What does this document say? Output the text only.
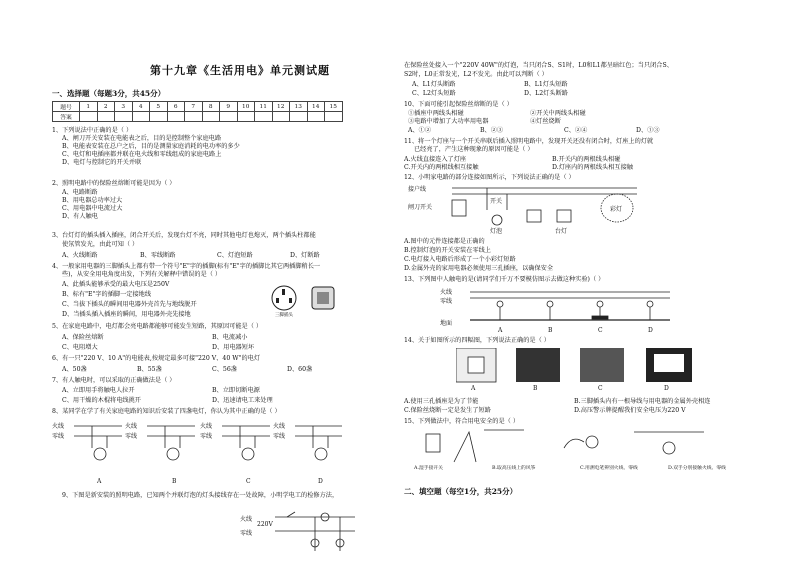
第十九章《生活用电》单元测试题
一、选择题（每题3分，共45分）
题号	1	2	3	4	5	6	7	8	9	10	11	12	13	14	15
答案															
1、下列说法中正确的是（ ）
A、闸刀开关安装在电能表之后，目的是控制整个家庭电路
B、电能表安装在总户之后，目的是测量家庭消耗的电功率的多少
C、电灯和电插座都并联在电火线和零线组成的家庭电路上
D、电灯与控制它的开关并联
2、照明电路中的保险丝熔断可能是因为（ ）
A、电路断路
B、用电器总功率过大
C、用电器中电流过大
D、有人触电
3、台灯灯的插头插入插座，闭合开关后，发现台灯不亮，同时其他电灯也熄灭，两个插头柱都能
使氖管发光，由此可知（ ）
A、火线断路	B、零线断路	C、灯泡短路	D、灯断路
4、一般家用电器的三脚插头上都有带一个符号"E"字的插脚(标有"E"字的插脚比其它两插脚稍长一
些)，从安全用电角度出发，下列有关解释中错误的是（ ）
A、此插头能够承受的最大电压是250V
B、标有"E"字的插脚一定接地线
C、当拔下插头的瞬间用电器外壳首先与地线脱开
D、当插头插入插座的瞬间，用电器外壳先接地
5、在家庭电路中，电灯都会亮电路都能够可能发生短路，其原因可能是（ ）
A、保险丝熔断	B、电流减小
C、电阻增大	D、用电器短坏
6、有一只"220 V、10 A"的电能表,按规定最多可接"220 V、40 W"的电灯
A、50盏	B、55盏	C、56盏	D、60盏
7、有人触电时，可以采取的正确做法是（ ）
A、立即用手将触电人拉开	B、立即切断电源
C、用干燥的木棍将电线挑开	D、迅速请电工来处理
8、某同学在学了有关家庭电路的知识后安装了四盏电灯，你认为其中正确的是（ ）
9、下图是新安装的照明电路，已知两个并联灯泡的灯头接线存在一处故障，小明学电工的检修方法，
三脚插头
火线
零线
火线
零线
火线
零线
火线
零线
A	B	C	D
火线
220V
零线
在保险丝处接入一个"220V 40W"的灯泡，当只闭合S、S1时，L0和L1都呈暗红色；当只闭合S、
S2时，L0正常发光，L2不发光。由此可以判断（ ）
A、L1灯头断路	B、L1灯头短路
C、L2灯头短路	D、L2灯头断路
10、下面可能引起保险丝熔断的是（ ）
①插座中两线头相碰	②开关中两线头相碰
③电路中增加了大功率用电器	④灯丝烧断
A、①②	B、②③	C、②④	D、①③
11、将一个灯座与一个开关串联后插入照明电路中，发现开关还没有闭合时，灯座上的灯就
已经亮了，产生这种现象的原因可能是（ ）
A.火线直接连入了灯座	B.开关内的两根线头相碰
C.开关内的两根线相互接触	D.灯座内的两根线头相互接触
12、小明家电路的部分连接如图所示，下列说法正确的是（ ）
A.图中的元件连接都是正确的
B.控制灯泡的开关安装在零线上
C.电灯接入电路后形成了一个小彩灯短路
D.金属外壳的家用电器必须使用三孔插座，以确保安全
13、下列图中人触电的是(请同学们千万不要模仿图示去做这种实验)（ ）
14、关于如图所示的四幅图，下列说法正确的是（ ）
A.使用三孔插座是为了节能	B.三脚插头内有一根导线与用电器的金属外壳相连
C.保险丝烧断一定是发生了短路	D.高压警示牌提醒我们安全电压为220 V
15、下列做法中，符合用电安全的是（ ）
A.湿手接开关	B.取高压线上的风筝	C.用测电笔辨别火线、零线	D.双手分别接触火线、零线
接户线
闸刀开关
开关
灯泡	台灯
彩灯
火线
零线
地面
A	B	C	D
A	B	C	D
二、填空题（每空1分，共25分）
